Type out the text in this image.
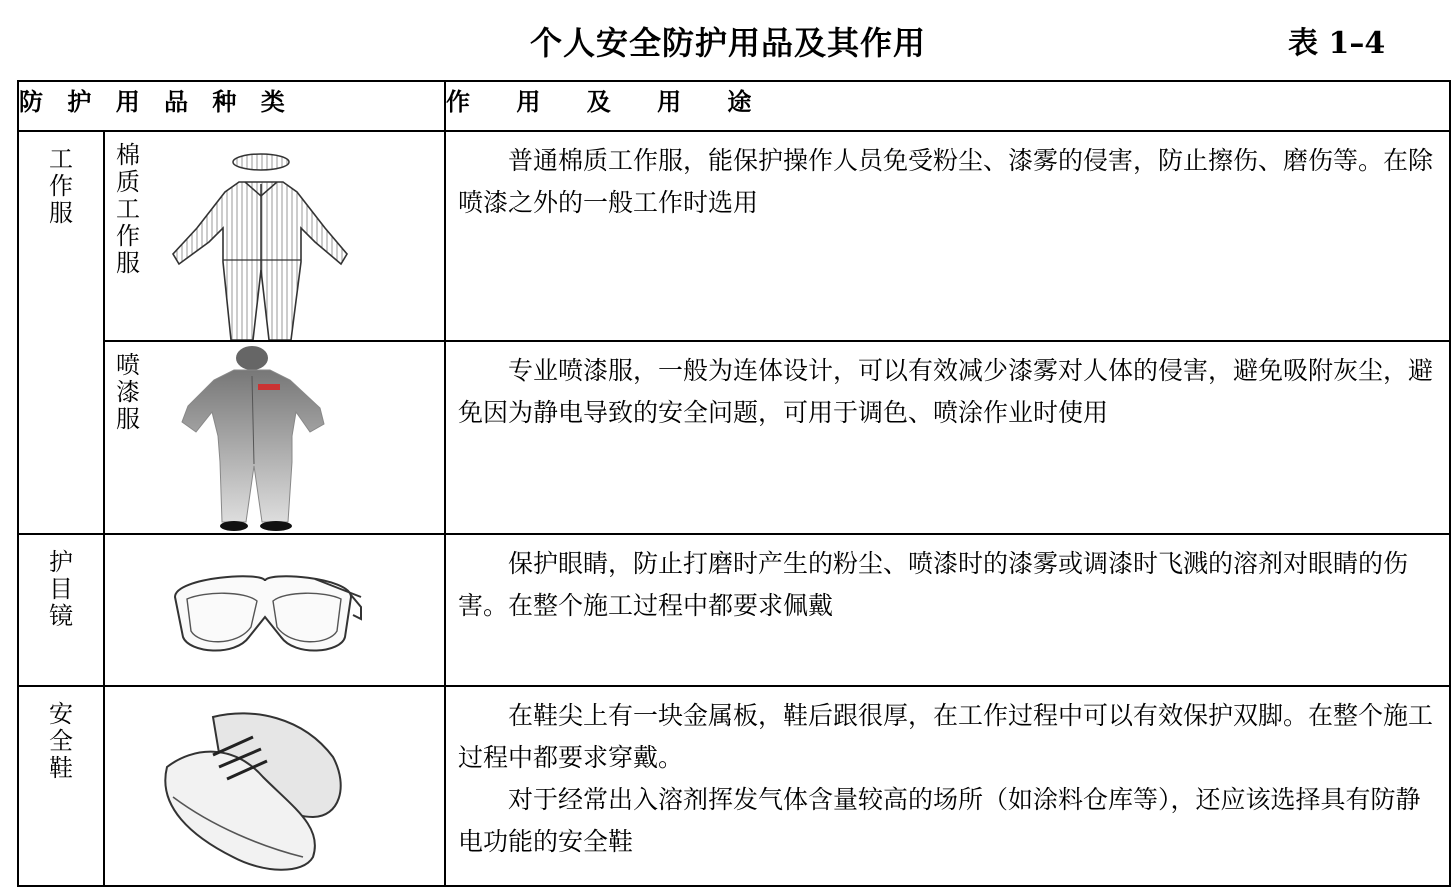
个人安全防护用品及其作用	表 1–4
防 护 用 品 种 类		作 用 及 用 途

工作服	棉质工作服	普通棉质工作服，能保护操作人员免受粉尘、漆雾的侵害，防止擦伤、磨伤等。在除喷漆之外的一般工作时选用

	喷漆服	专业喷漆服，一般为连体设计，可以有效减少漆雾对人体的侵害，避免吸附灰尘，避免因为静电导致的安全问题，可用于调色、喷涂作业时使用

护目镜		保护眼睛，防止打磨时产生的粉尘、喷漆时的漆雾或调漆时飞溅的溶剂对眼睛的伤害。在整个施工过程中都要求佩戴

安全鞋		在鞋尖上有一块金属板，鞋后跟很厚，在工作过程中可以有效保护双脚。在整个施工过程中都要求穿戴。

对于经常出入溶剂挥发气体含量较高的场所（如涂料仓库等），还应该选择具有防静电功能的安全鞋
